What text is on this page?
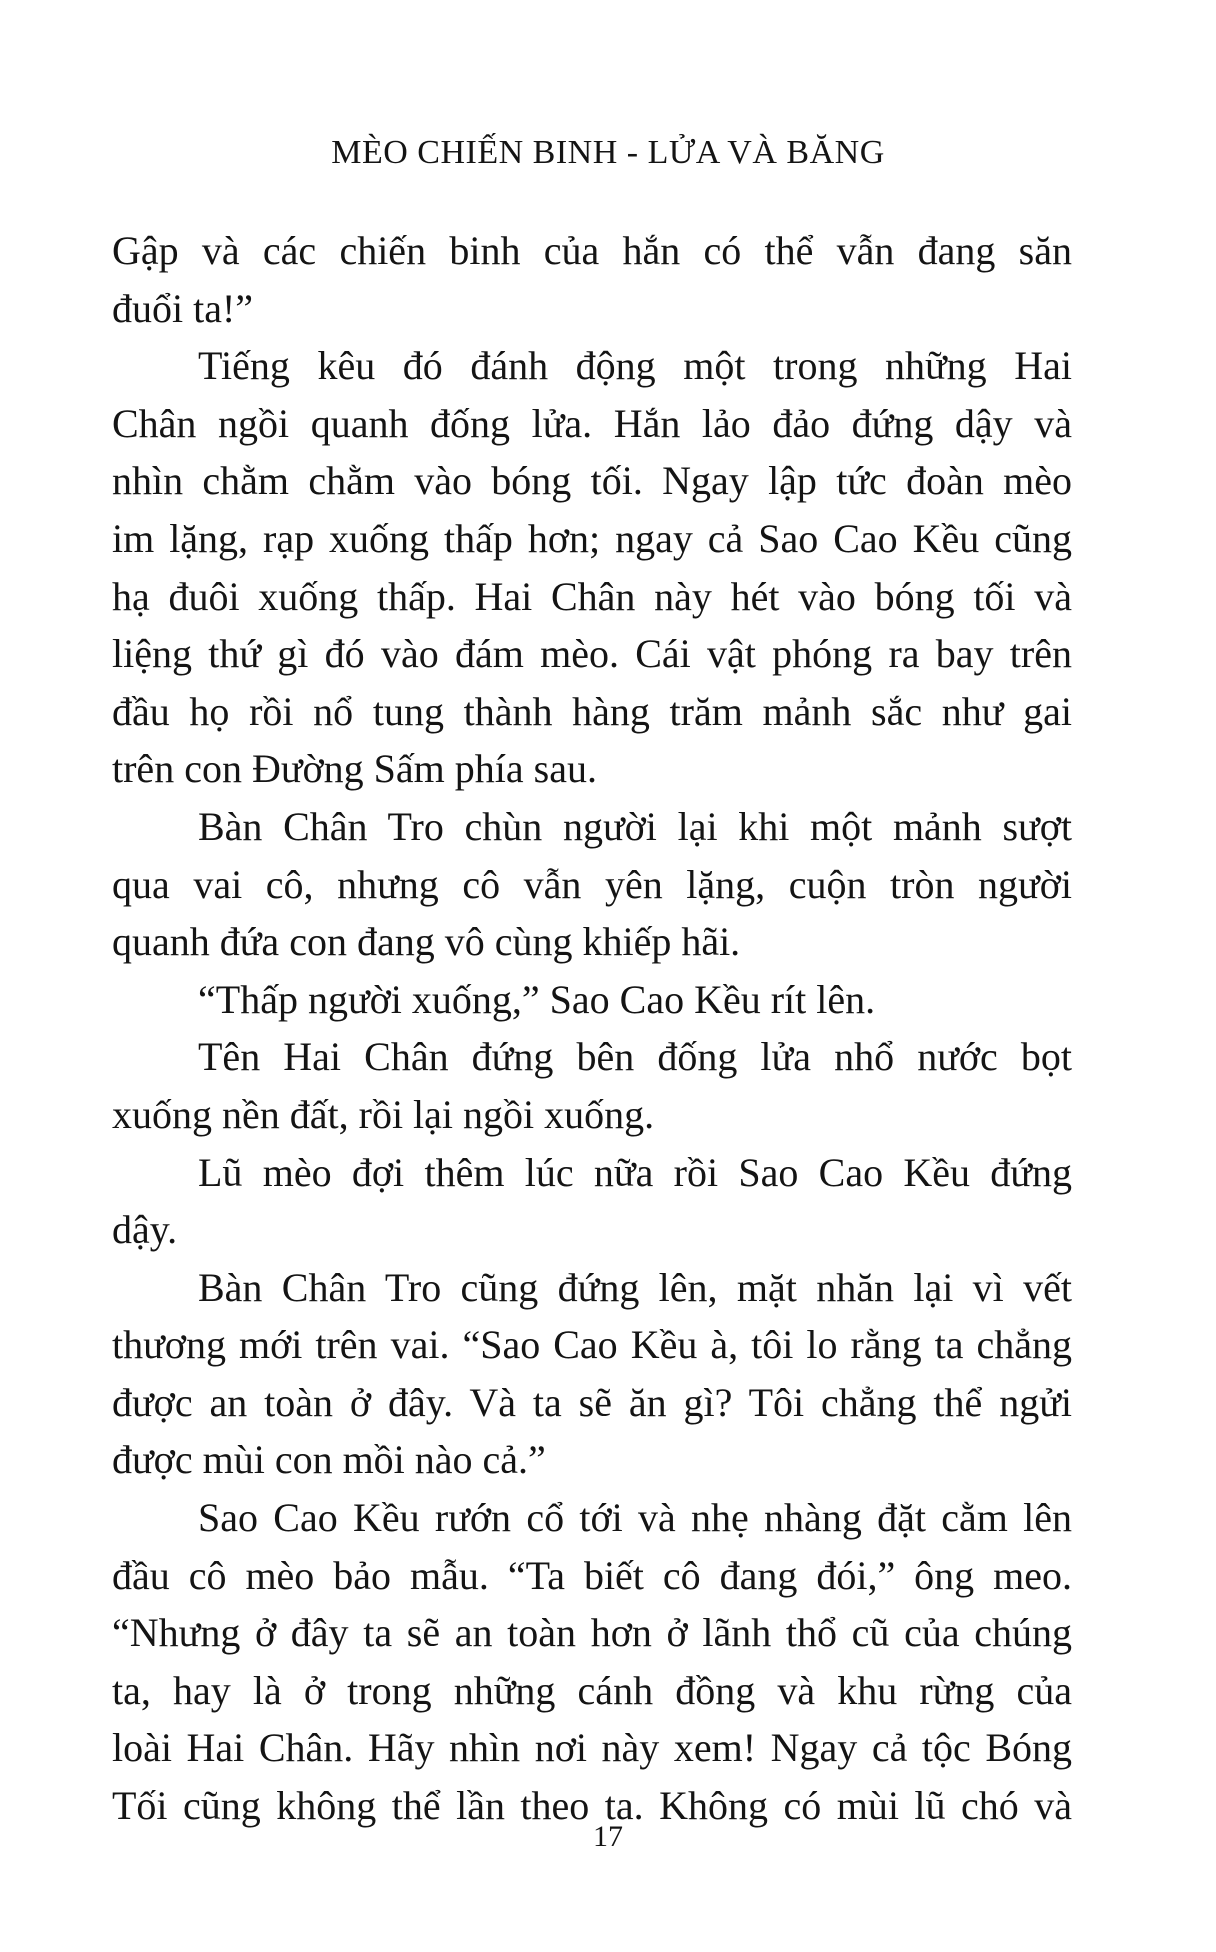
MÈO CHIẾN BINH - LỬA VÀ BĂNG
Gập và các chiến binh của hắn có thể vẫn đang săn
đuổi ta!”
Tiếng kêu đó đánh động một trong những Hai
Chân ngồi quanh đống lửa. Hắn lảo đảo đứng dậy và
nhìn chằm chằm vào bóng tối. Ngay lập tức đoàn mèo
im lặng, rạp xuống thấp hơn; ngay cả Sao Cao Kều cũng
hạ đuôi xuống thấp. Hai Chân này hét vào bóng tối và
liệng thứ gì đó vào đám mèo. Cái vật phóng ra bay trên
đầu họ rồi nổ tung thành hàng trăm mảnh sắc như gai
trên con Đường Sấm phía sau.
Bàn Chân Tro chùn người lại khi một mảnh sượt
qua vai cô, nhưng cô vẫn yên lặng, cuộn tròn người
quanh đứa con đang vô cùng khiếp hãi.
“Thấp người xuống,” Sao Cao Kều rít lên.
Tên Hai Chân đứng bên đống lửa nhổ nước bọt
xuống nền đất, rồi lại ngồi xuống.
Lũ mèo đợi thêm lúc nữa rồi Sao Cao Kều đứng
dậy.
Bàn Chân Tro cũng đứng lên, mặt nhăn lại vì vết
thương mới trên vai. “Sao Cao Kều à, tôi lo rằng ta chẳng
được an toàn ở đây. Và ta sẽ ăn gì? Tôi chẳng thể ngửi
được mùi con mồi nào cả.”
Sao Cao Kều rướn cổ tới và nhẹ nhàng đặt cằm lên
đầu cô mèo bảo mẫu. “Ta biết cô đang đói,” ông meo.
“Nhưng ở đây ta sẽ an toàn hơn ở lãnh thổ cũ của chúng
ta, hay là ở trong những cánh đồng và khu rừng của
loài Hai Chân. Hãy nhìn nơi này xem! Ngay cả tộc Bóng
Tối cũng không thể lần theo ta. Không có mùi lũ chó và
17
